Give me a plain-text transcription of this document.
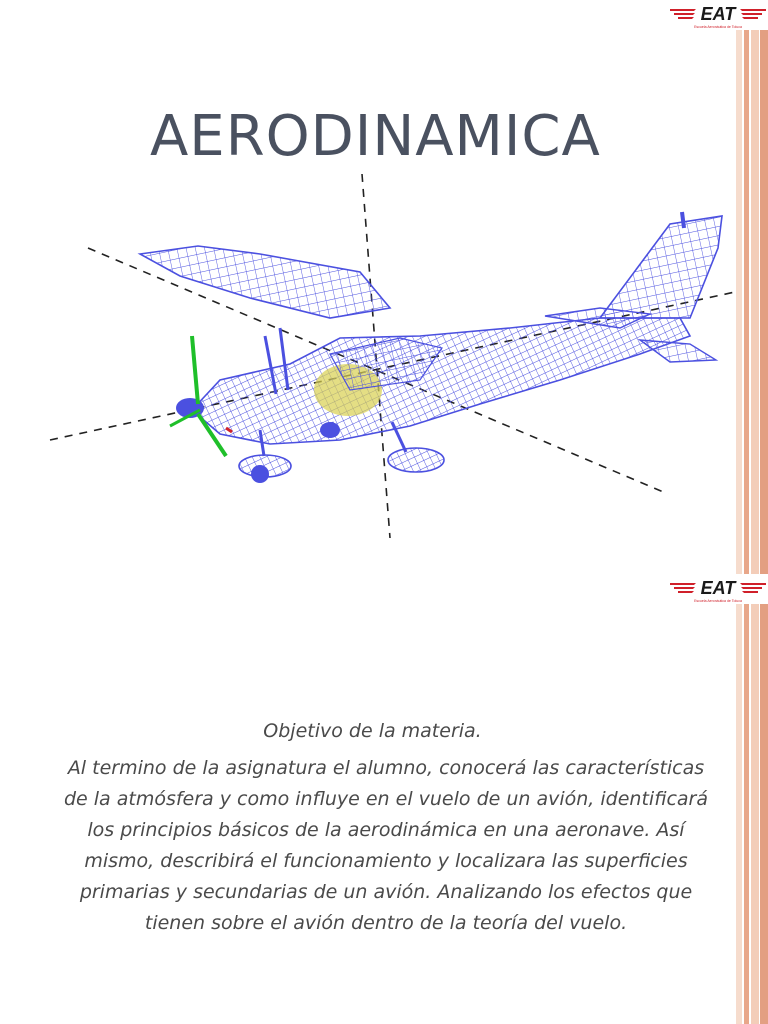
EAT
Escuela Aeronáutica de Toluca
AERODINAMICA
EAT
Escuela Aeronáutica de Toluca
Objetivo de la materia.

Al termino de la asignatura el alumno, conocerá las características de la atmósfera y como influye en el vuelo de un avión, identificará los principios básicos de la aerodinámica en una aeronave. Así mismo, describirá el funcionamiento y localizara las superficies primarias y secundarias de un avión. Analizando los efectos que tienen sobre el avión dentro de la teoría del vuelo.
